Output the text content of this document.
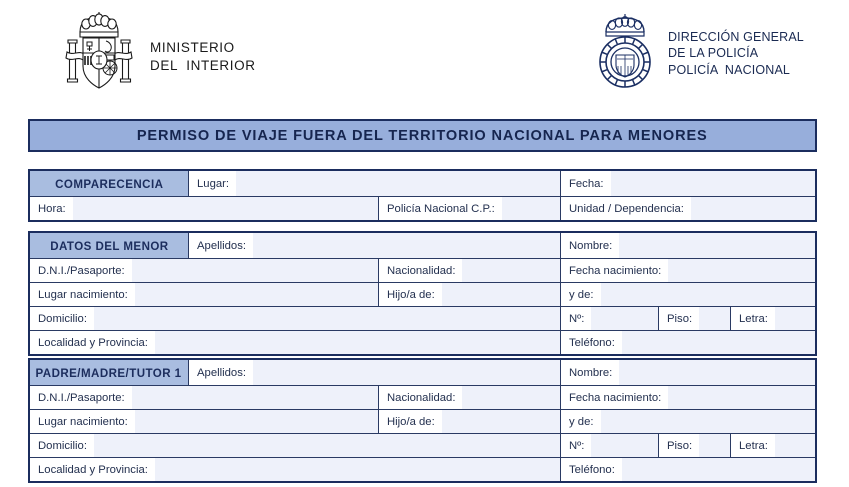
MINISTERIO
DEL  INTERIOR
DIRECCIÓN GENERAL
DE LA POLICÍA
POLICÍA  NACIONAL
PERMISO DE VIAJE FUERA DEL TERRITORIO NACIONAL PARA MENORES
COMPARECENCIA	Lugar:	Fecha:
Hora:	Policía Nacional C.P.:	Unidad / Dependencia:
DATOS DEL MENOR	Apellidos:	Nombre:
D.N.I./Pasaporte:	Nacionalidad:	Fecha nacimiento:
Lugar nacimiento:	Hijo/a de:	y de:
Domicilio:	Nº:	Piso:	Letra:
Localidad y Provincia:	Teléfono:
PADRE/MADRE/TUTOR 1	Apellidos:	Nombre:
D.N.I./Pasaporte:	Nacionalidad:	Fecha nacimiento:
Lugar nacimiento:	Hijo/a de:	y de:
Domicilio:	Nº:	Piso:	Letra:
Localidad y Provincia:	Teléfono:
